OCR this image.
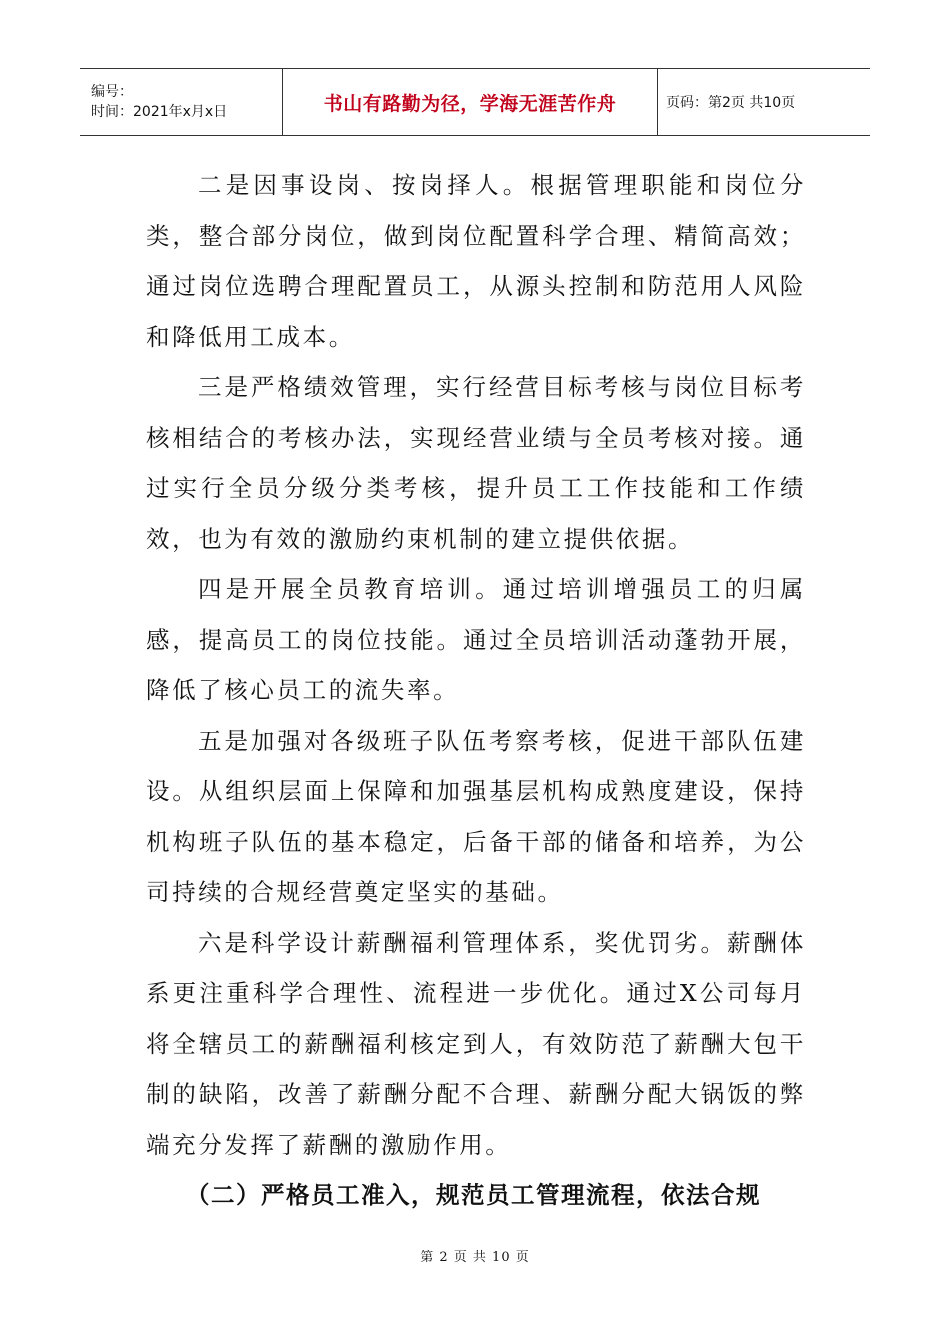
编号：
时间：2021年x月x日	书山有路勤为径，学海无涯苦作舟	页码：第2页 共10页

二是因事设岗、按岗择人。根据管理职能和岗位分类，整合部分岗位，做到岗位配置科学合理、精简高效；通过岗位选聘合理配置员工，从源头控制和防范用人风险和降低用工成本。

三是严格绩效管理，实行经营目标考核与岗位目标考核相结合的考核办法，实现经营业绩与全员考核对接。通过实行全员分级分类考核，提升员工工作技能和工作绩效，也为有效的激励约束机制的建立提供依据。

四是开展全员教育培训。通过培训增强员工的归属感，提高员工的岗位技能。通过全员培训活动蓬勃开展，降低了核心员工的流失率。

五是加强对各级班子队伍考察考核，促进干部队伍建设。从组织层面上保障和加强基层机构成熟度建设，保持机构班子队伍的基本稳定，后备干部的储备和培养，为公司持续的合规经营奠定坚实的基础。

六是科学设计薪酬福利管理体系，奖优罚劣。薪酬体系更注重科学合理性、流程进一步优化。通过X公司每月将全辖员工的薪酬福利核定到人，有效防范了薪酬大包干制的缺陷，改善了薪酬分配不合理、薪酬分配大锅饭的弊端充分发挥了薪酬的激励作用。

（二）严格员工准入，规范员工管理流程，依法合规

第 2 页 共 10 页
